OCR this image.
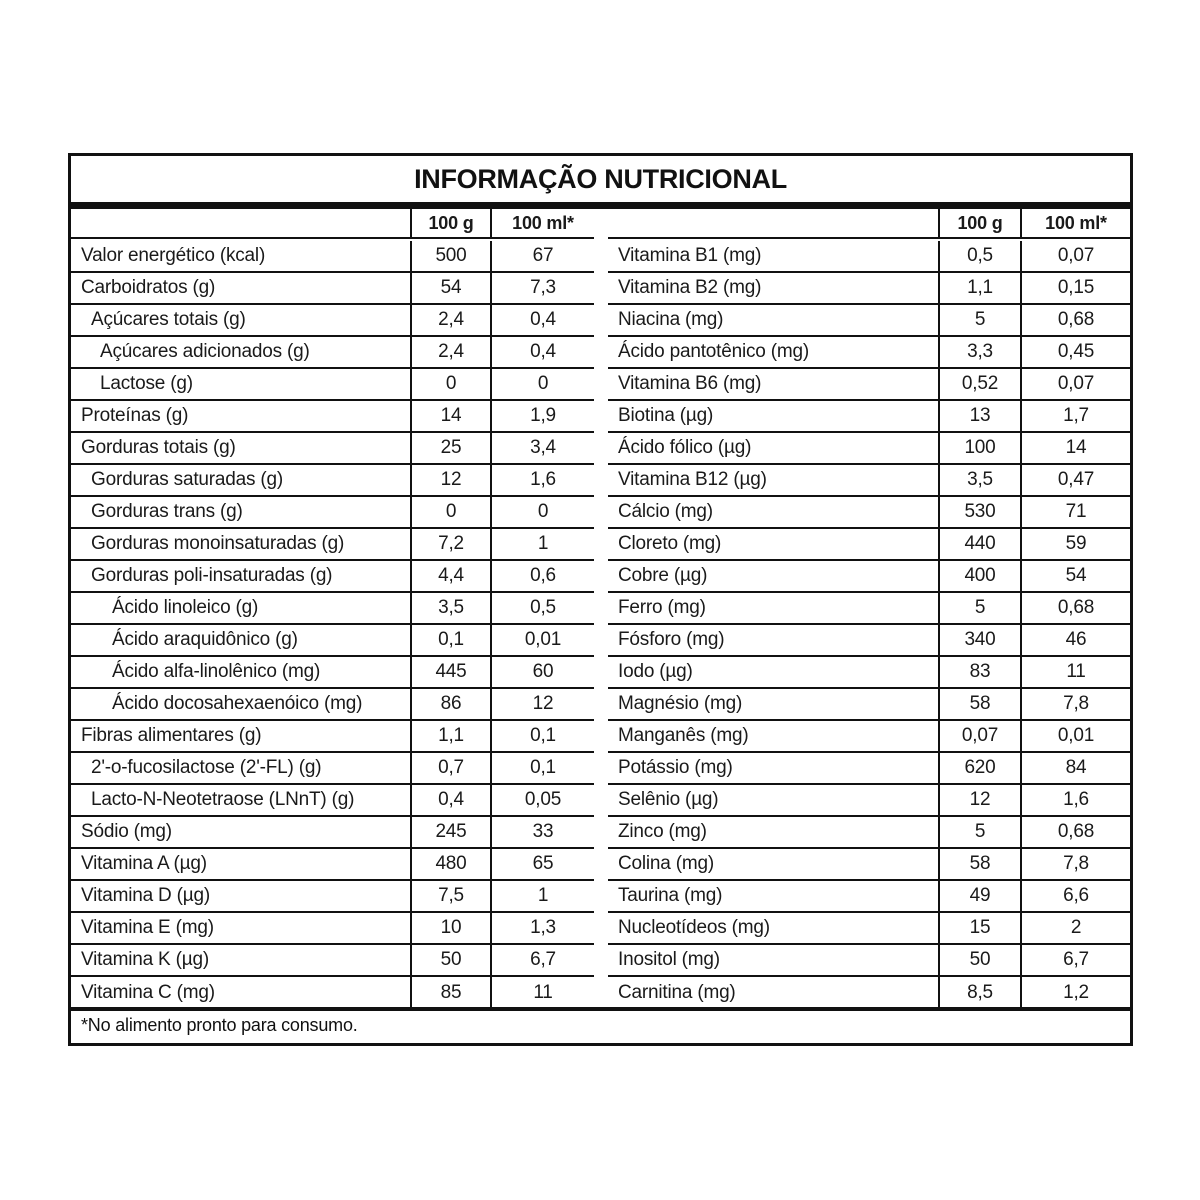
INFORMAÇÃO NUTRICIONAL
100 g	100 ml*
Valor energético (kcal)	500	67
Carboidratos (g)	54	7,3
Açúcares totais (g)	2,4	0,4
Açúcares adicionados (g)	2,4	0,4
Lactose (g)	0	0
Proteínas (g)	14	1,9
Gorduras totais (g)	25	3,4
Gorduras saturadas (g)	12	1,6
Gorduras trans (g)	0	0
Gorduras monoinsaturadas (g)	7,2	1
Gorduras poli-insaturadas (g)	4,4	0,6
Ácido linoleico (g)	3,5	0,5
Ácido araquidônico (g)	0,1	0,01
Ácido alfa-linolênico (mg)	445	60
Ácido docosahexaenóico (mg)	86	12
Fibras alimentares (g)	1,1	0,1
2'-o-fucosilactose (2'-FL) (g)	0,7	0,1
Lacto-N-Neotetraose (LNnT) (g)	0,4	0,05
Sódio (mg)	245	33
Vitamina A (µg)	480	65
Vitamina D (µg)	7,5	1
Vitamina E (mg)	10	1,3
Vitamina K (µg)	50	6,7
Vitamina C (mg)	85	11
100 g	100 ml*
Vitamina B1 (mg)	0,5	0,07
Vitamina B2 (mg)	1,1	0,15
Niacina (mg)	5	0,68
Ácido pantotênico (mg)	3,3	0,45
Vitamina B6 (mg)	0,52	0,07
Biotina (µg)	13	1,7
Ácido fólico (µg)	100	14
Vitamina B12 (µg)	3,5	0,47
Cálcio (mg)	530	71
Cloreto (mg)	440	59
Cobre (µg)	400	54
Ferro (mg)	5	0,68
Fósforo (mg)	340	46
Iodo (µg)	83	11
Magnésio (mg)	58	7,8
Manganês (mg)	0,07	0,01
Potássio (mg)	620	84
Selênio (µg)	12	1,6
Zinco (mg)	5	0,68
Colina (mg)	58	7,8
Taurina (mg)	49	6,6
Nucleotídeos (mg)	15	2
Inositol (mg)	50	6,7
Carnitina (mg)	8,5	1,2
*No alimento pronto para consumo.
